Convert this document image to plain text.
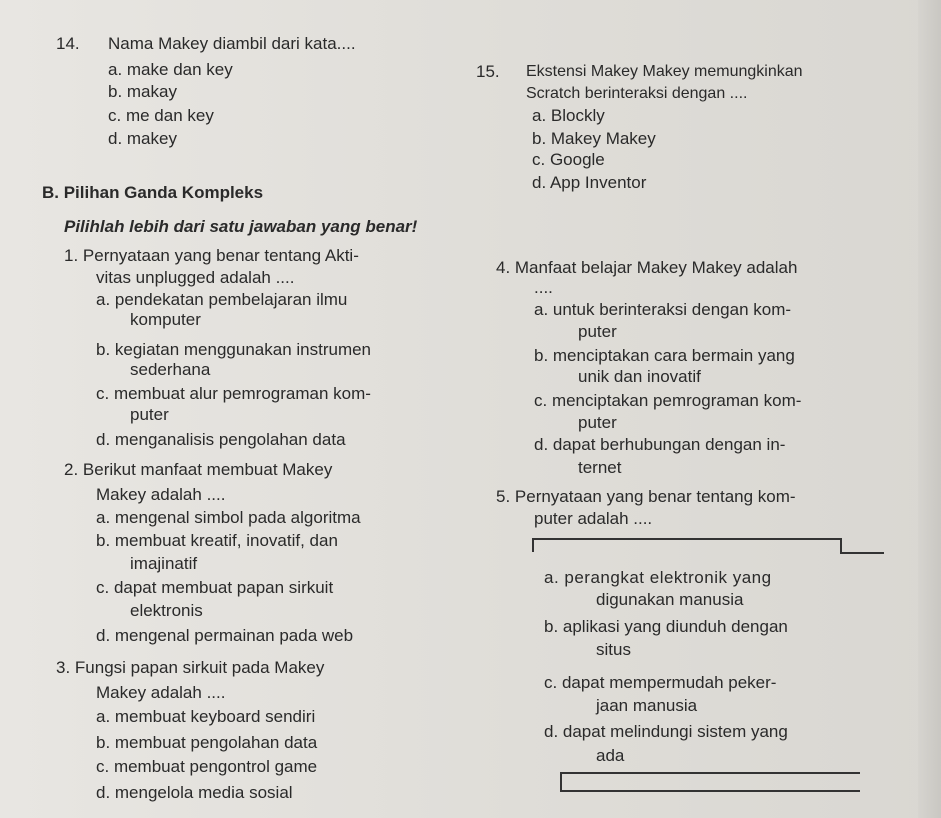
14. Nama Makey diambil dari kata....
a. make dan key
b. makay
c. me dan key
d. makey
B. Pilihan Ganda Kompleks
Pilihlah lebih dari satu jawaban yang benar!
1. Pernyataan yang benar tentang Akti-
vitas unplugged adalah ....
a. pendekatan pembelajaran ilmu
komputer
b. kegiatan menggunakan instrumen
sederhana
c. membuat alur pemrograman kom-
puter
d. menganalisis pengolahan data
2. Berikut manfaat membuat Makey
Makey adalah ....
a. mengenal simbol pada algoritma
b. membuat kreatif, inovatif, dan
imajinatif
c. dapat membuat papan sirkuit
elektronis
d. mengenal permainan pada web
3. Fungsi papan sirkuit pada Makey
Makey adalah ....
a. membuat keyboard sendiri
b. membuat pengolahan data
c. membuat pengontrol game
d. mengelola media sosial
15. Ekstensi Makey Makey memungkinkan
Scratch berinteraksi dengan ....
a. Blockly
b. Makey Makey
c. Google
d. App Inventor
4. Manfaat belajar Makey Makey adalah
....
a. untuk berinteraksi dengan kom-
puter
b. menciptakan cara bermain yang
unik dan inovatif
c. menciptakan pemrograman kom-
puter
d. dapat berhubungan dengan in-
ternet
5. Pernyataan yang benar tentang kom-
puter adalah ....
a. perangkat elektronik yang
digunakan manusia
b. aplikasi yang diunduh dengan
situs
c. dapat mempermudah peker-
jaan manusia
d. dapat melindungi sistem yang
ada
